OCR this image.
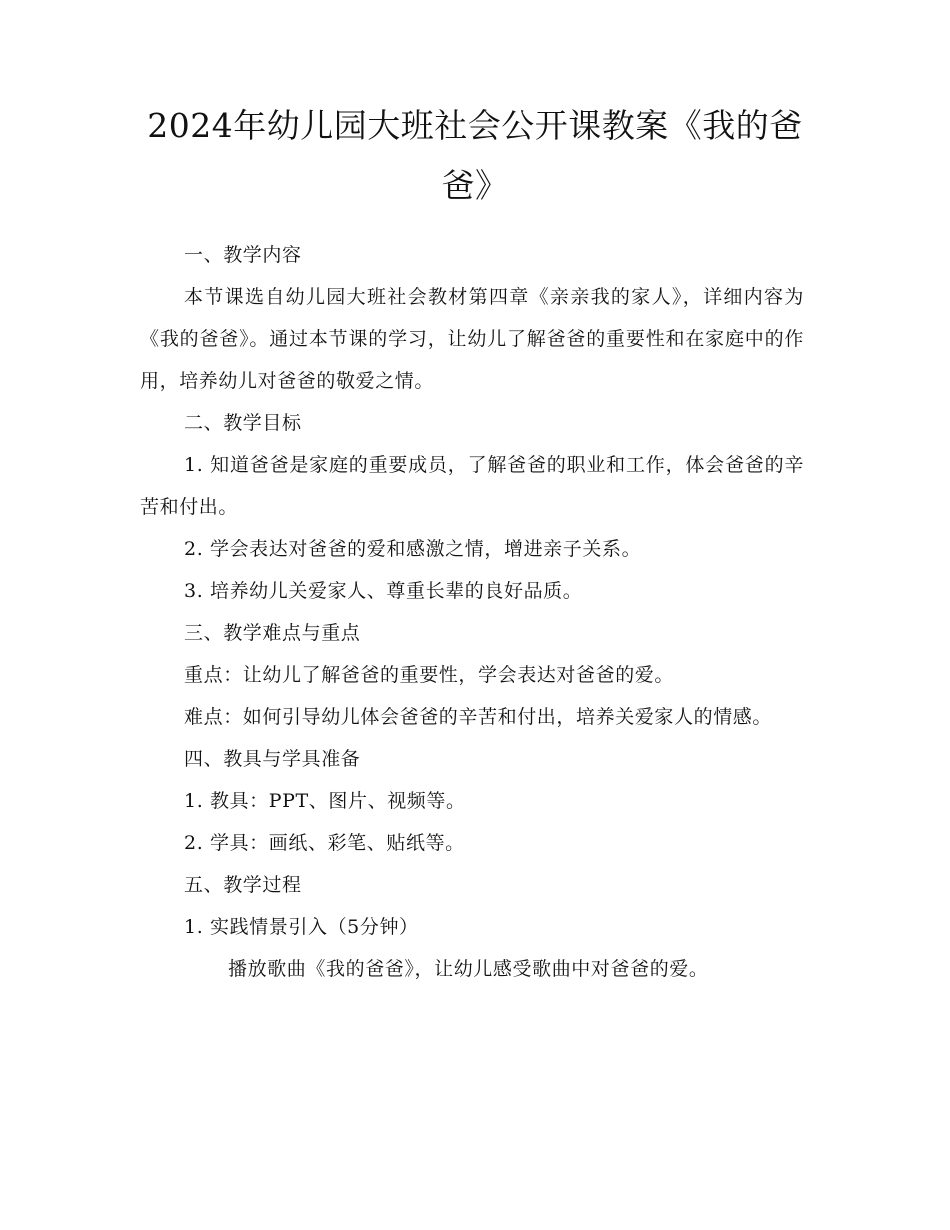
2024年幼儿园大班社会公开课教案《我的爸爸》

一、教学内容

本节课选自幼儿园大班社会教材第四章《亲亲我的家人》，详细内容为《我的爸爸》。通过本节课的学习，让幼儿了解爸爸的重要性和在家庭中的作用，培养幼儿对爸爸的敬爱之情。

二、教学目标

1. 知道爸爸是家庭的重要成员，了解爸爸的职业和工作，体会爸爸的辛苦和付出。

2. 学会表达对爸爸的爱和感激之情，增进亲子关系。

3. 培养幼儿关爱家人、尊重长辈的良好品质。

三、教学难点与重点

重点：让幼儿了解爸爸的重要性，学会表达对爸爸的爱。

难点：如何引导幼儿体会爸爸的辛苦和付出，培养关爱家人的情感。

四、教具与学具准备

1. 教具：PPT、图片、视频等。

2. 学具：画纸、彩笔、贴纸等。

五、教学过程

1. 实践情景引入（5分钟）

播放歌曲《我的爸爸》，让幼儿感受歌曲中对爸爸的爱。
